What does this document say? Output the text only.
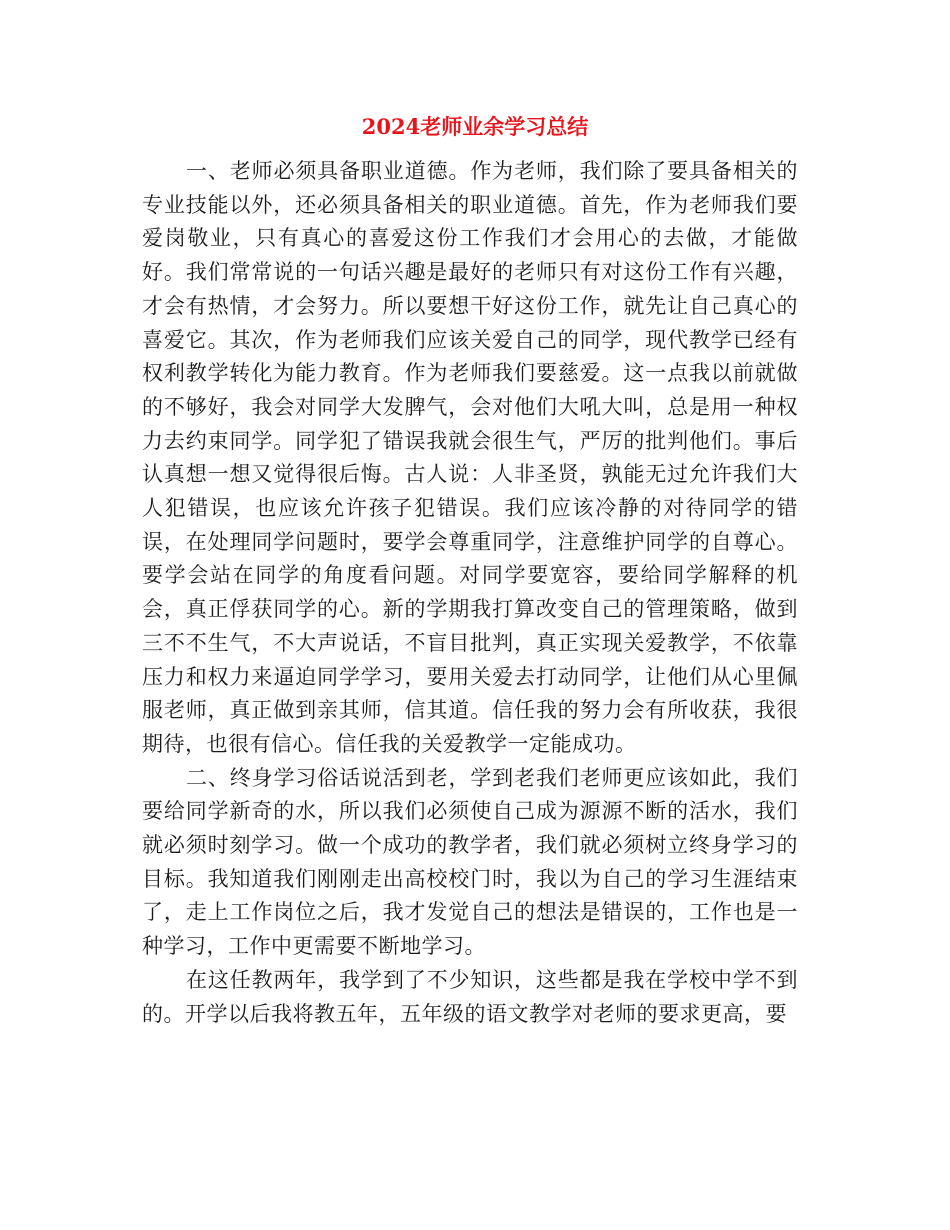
2024老师业余学习总结

一、老师必须具备职业道德。作为老师，我们除了要具备相关的专业技能以外，还必须具备相关的职业道德。首先，作为老师我们要爱岗敬业，只有真心的喜爱这份工作我们才会用心的去做，才能做好。我们常常说的一句话兴趣是最好的老师只有对这份工作有兴趣，才会有热情，才会努力。所以要想干好这份工作，就先让自己真心的喜爱它。其次，作为老师我们应该关爱自己的同学，现代教学已经有权利教学转化为能力教育。作为老师我们要慈爱。这一点我以前就做的不够好，我会对同学大发脾气，会对他们大吼大叫，总是用一种权力去约束同学。同学犯了错误我就会很生气，严厉的批判他们。事后认真想一想又觉得很后悔。古人说：人非圣贤，孰能无过允许我们大人犯错误，也应该允许孩子犯错误。我们应该冷静的对待同学的错误，在处理同学问题时，要学会尊重同学，注意维护同学的自尊心。要学会站在同学的角度看问题。对同学要宽容，要给同学解释的机会，真正俘获同学的心。新的学期我打算改变自己的管理策略，做到三不不生气，不大声说话，不盲目批判，真正实现关爱教学，不依靠压力和权力来逼迫同学学习，要用关爱去打动同学，让他们从心里佩服老师，真正做到亲其师，信其道。信任我的努力会有所收获，我很期待，也很有信心。信任我的关爱教学一定能成功。

二、终身学习俗话说活到老，学到老我们老师更应该如此，我们要给同学新奇的水，所以我们必须使自己成为源源不断的活水，我们就必须时刻学习。做一个成功的教学者，我们就必须树立终身学习的目标。我知道我们刚刚走出高校校门时，我以为自己的学习生涯结束了，走上工作岗位之后，我才发觉自己的想法是错误的，工作也是一种学习，工作中更需要不断地学习。

在这任教两年，我学到了不少知识，这些都是我在学校中学不到的。开学以后我将教五年，五年级的语文教学对老师的要求更高，要
